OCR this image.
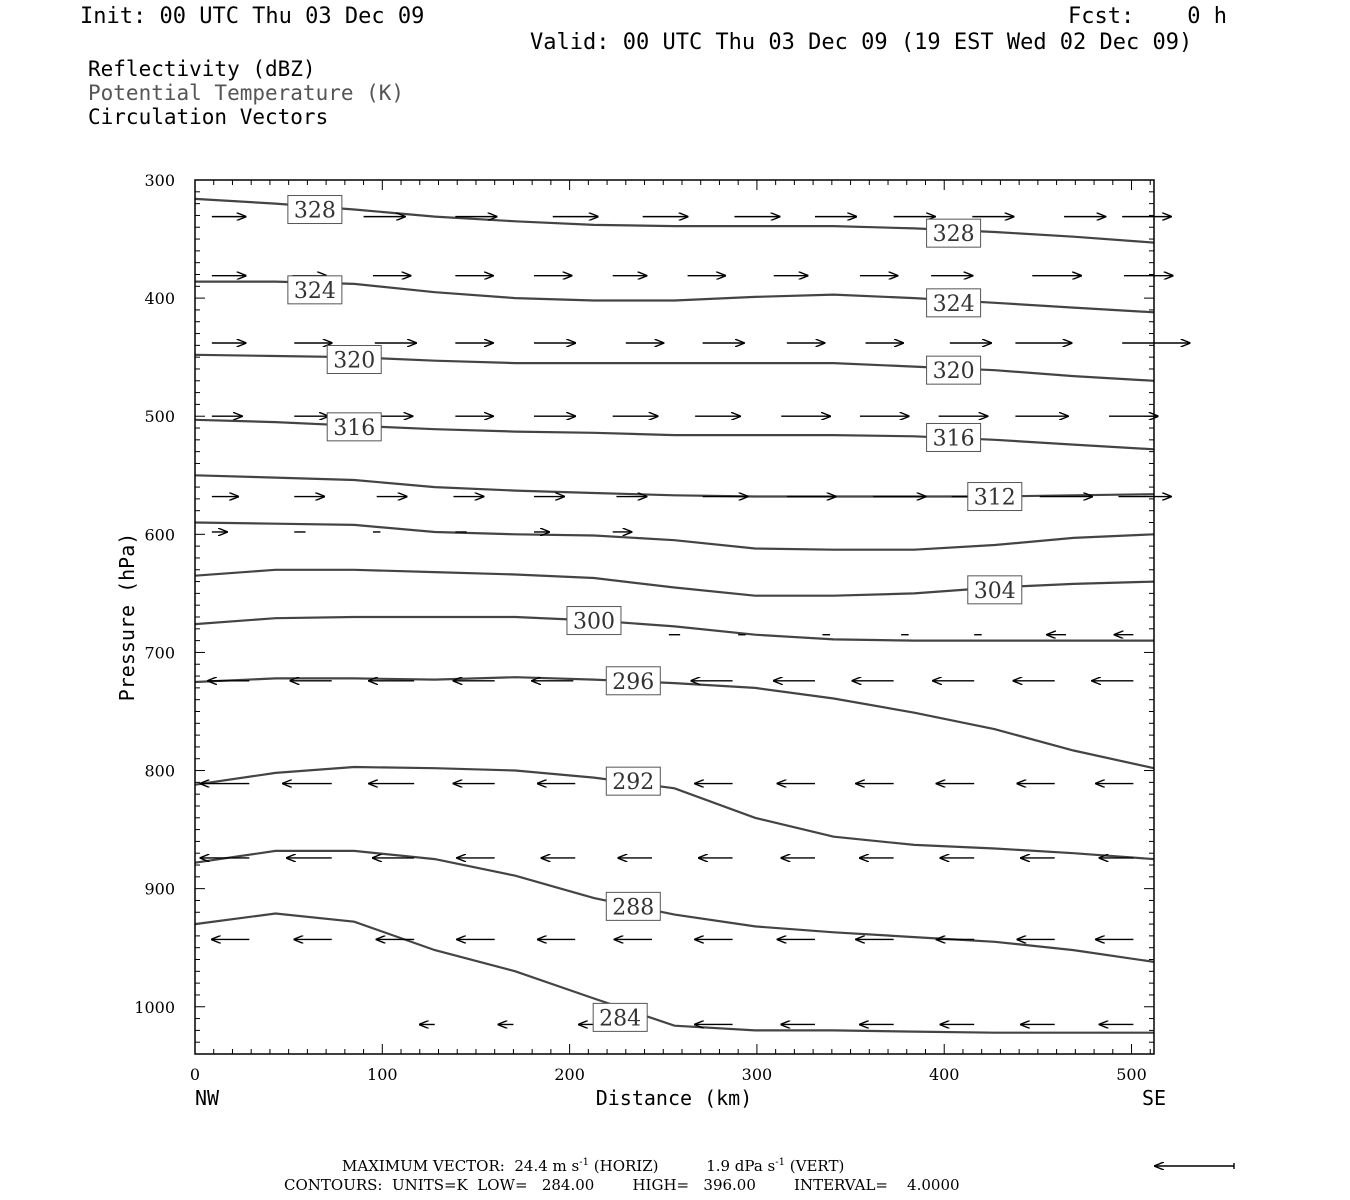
Init: 00 UTC Thu 03 Dec 09	Fcst:    0 h
Valid: 00 UTC Thu 03 Dec 09 (19 EST Wed 02 Dec 09)
Reflectivity (dBZ)
Potential Temperature (K)
Circulation Vectors
328
328
324
324
320	320
316	316
312
304
300
296
292
288
284
0	100	200	300	400	500
300
400
500
600
700
800
900
1000
Distance (km)
Pressure (hPa)
NW	SE
MAXIMUM VECTOR:  24.4 m $s^{-1}$ (HORIZ)	1.9 dPa $s^{-1}$ (VERT)
CONTOURS:  UNITS=K  LOW=   284.00        HIGH=   396.00        INTERVAL=    4.0000
